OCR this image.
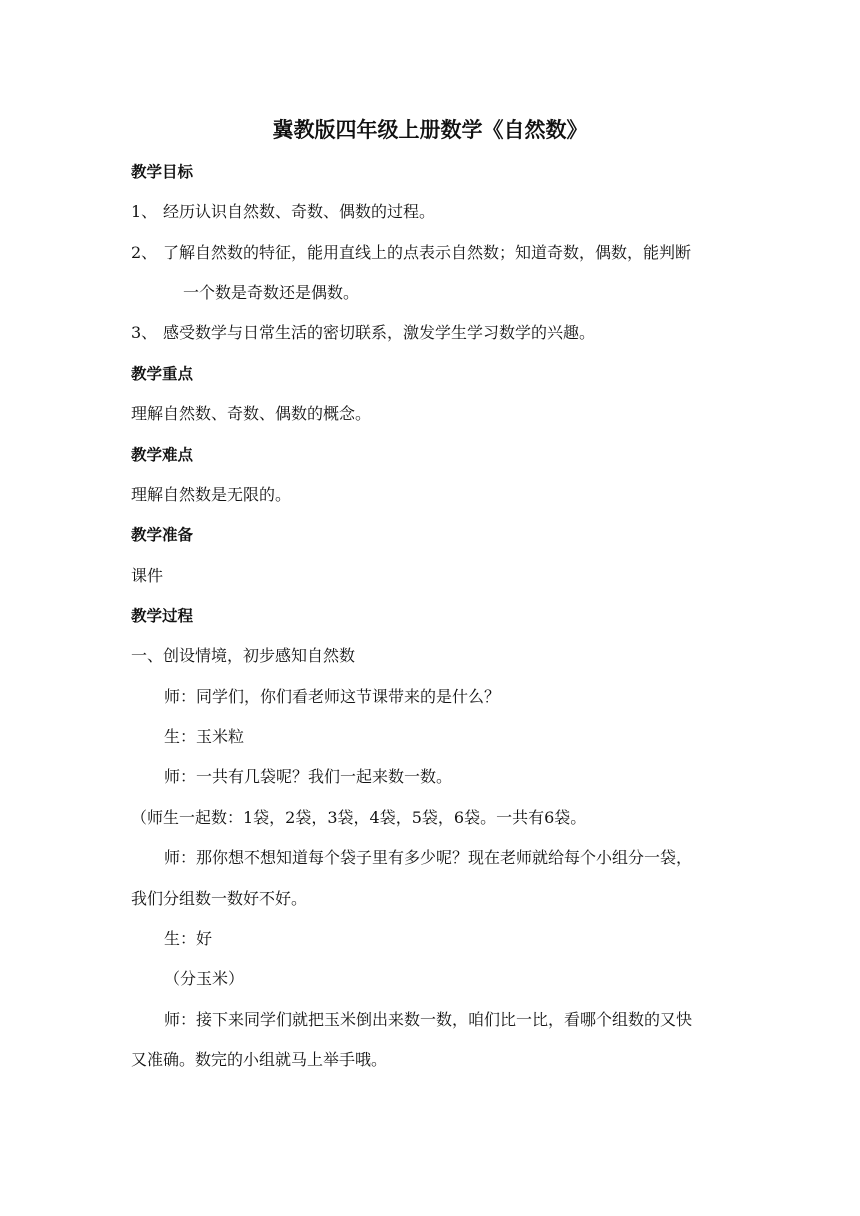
冀教版四年级上册数学《自然数》
教学目标
1、 经历认识自然数、奇数、偶数的过程。
2、 了解自然数的特征，能用直线上的点表示自然数；知道奇数，偶数，能判断
一个数是奇数还是偶数。
3、 感受数学与日常生活的密切联系，激发学生学习数学的兴趣。
教学重点
理解自然数、奇数、偶数的概念。
教学难点
理解自然数是无限的。
教学准备
课件
教学过程
一、创设情境，初步感知自然数
师：同学们，你们看老师这节课带来的是什么？
生：玉米粒
师：一共有几袋呢？我们一起来数一数。
（师生一起数：1袋，2袋，3袋，4袋，5袋，6袋。一共有6袋。
师：那你想不想知道每个袋子里有多少呢？现在老师就给每个小组分一袋，
我们分组数一数好不好。
生：好
（分玉米）
师：接下来同学们就把玉米倒出来数一数，咱们比一比，看哪个组数的又快
又准确。数完的小组就马上举手哦。
